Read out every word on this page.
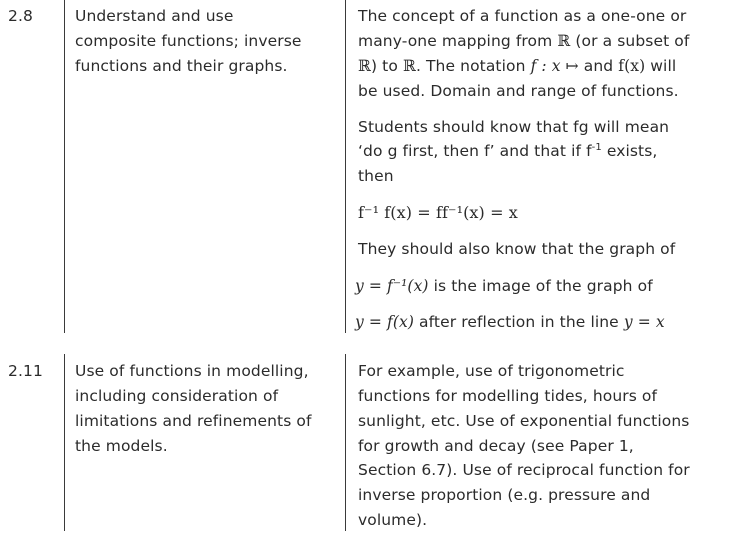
2.8	Understand and use
composite functions; inverse
functions and their graphs.
The concept of a function as a one-one or
many-one mapping from ℝ (or a subset of
ℝ) to ℝ. The notation f : x ↦ and f(x) will
be used. Domain and range of functions.
Students should know that fg will mean
‘do g first, then f’ and that if $f^{-1}$ exists,
then
f⁻¹ f(x) = ff⁻¹(x) = x
They should also know that the graph of
y = f⁻¹(x) is the image of the graph of
y = f(x) after reflection in the line y = x
2.11 Use of functions in modelling,
including consideration of
limitations and refinements of
the models.
For example, use of trigonometric
functions for modelling tides, hours of
sunlight, etc. Use of exponential functions
for growth and decay (see Paper 1,
Section 6.7). Use of reciprocal function for
inverse proportion (e.g. pressure and
volume).
